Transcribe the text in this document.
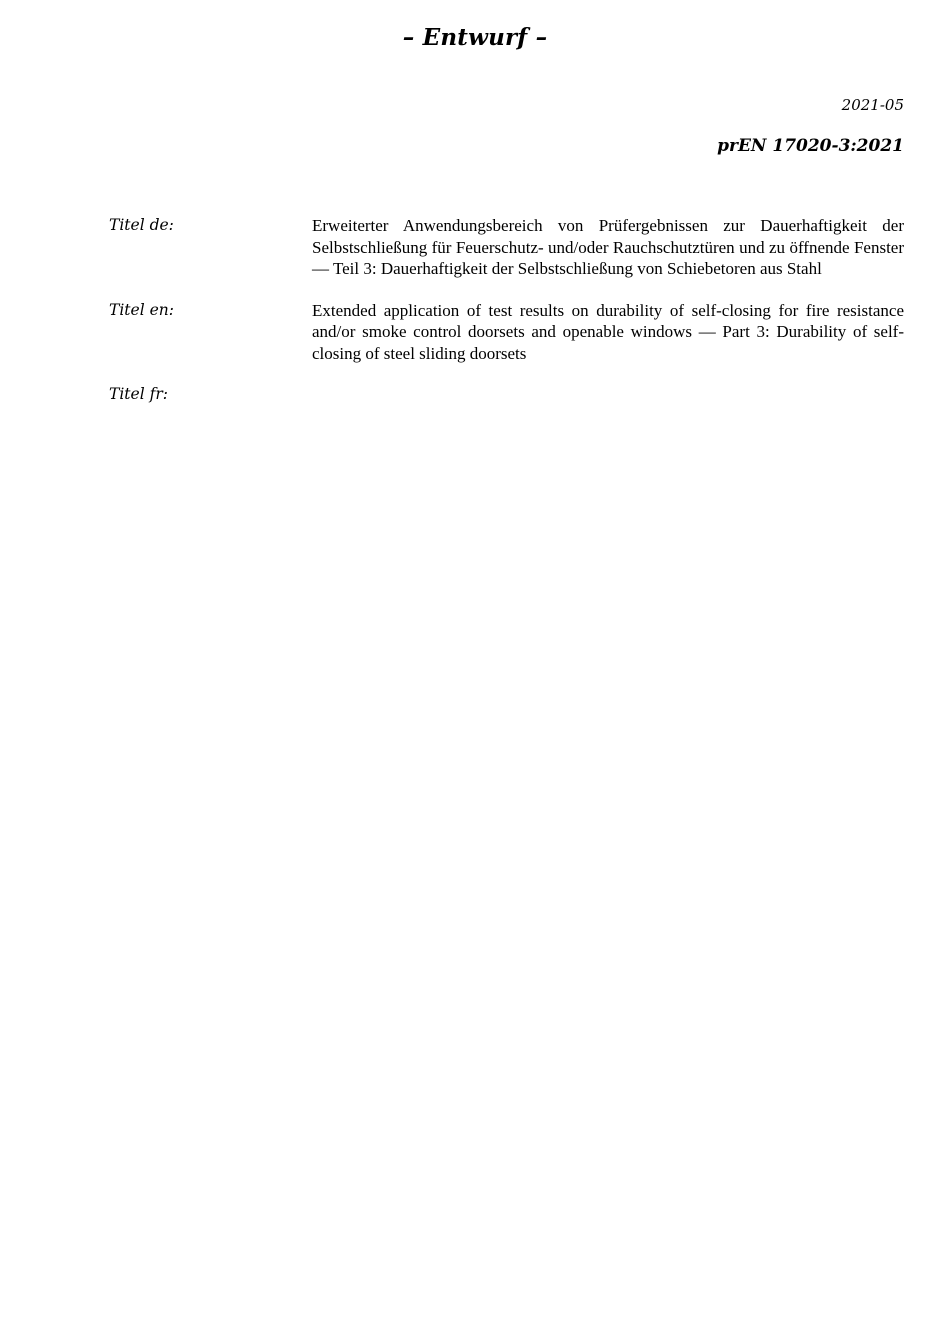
– Entwurf –
2021-05
prEN 17020-3:2021
Titel de:	Erweiterter Anwendungsbereich von Prüfergebnissen zur Dauerhaftigkeit der Selbstschließung für Feuerschutz- und/oder Rauchschutztüren und zu öffnende Fenster — Teil 3: Dauerhaftigkeit der Selbstschließung von Schiebetoren aus Stahl
Titel en:	Extended application of test results on durability of self-closing for fire resistance and/or smoke control doorsets and openable windows — Part 3: Durability of self-closing of steel sliding doorsets
Titel fr:
